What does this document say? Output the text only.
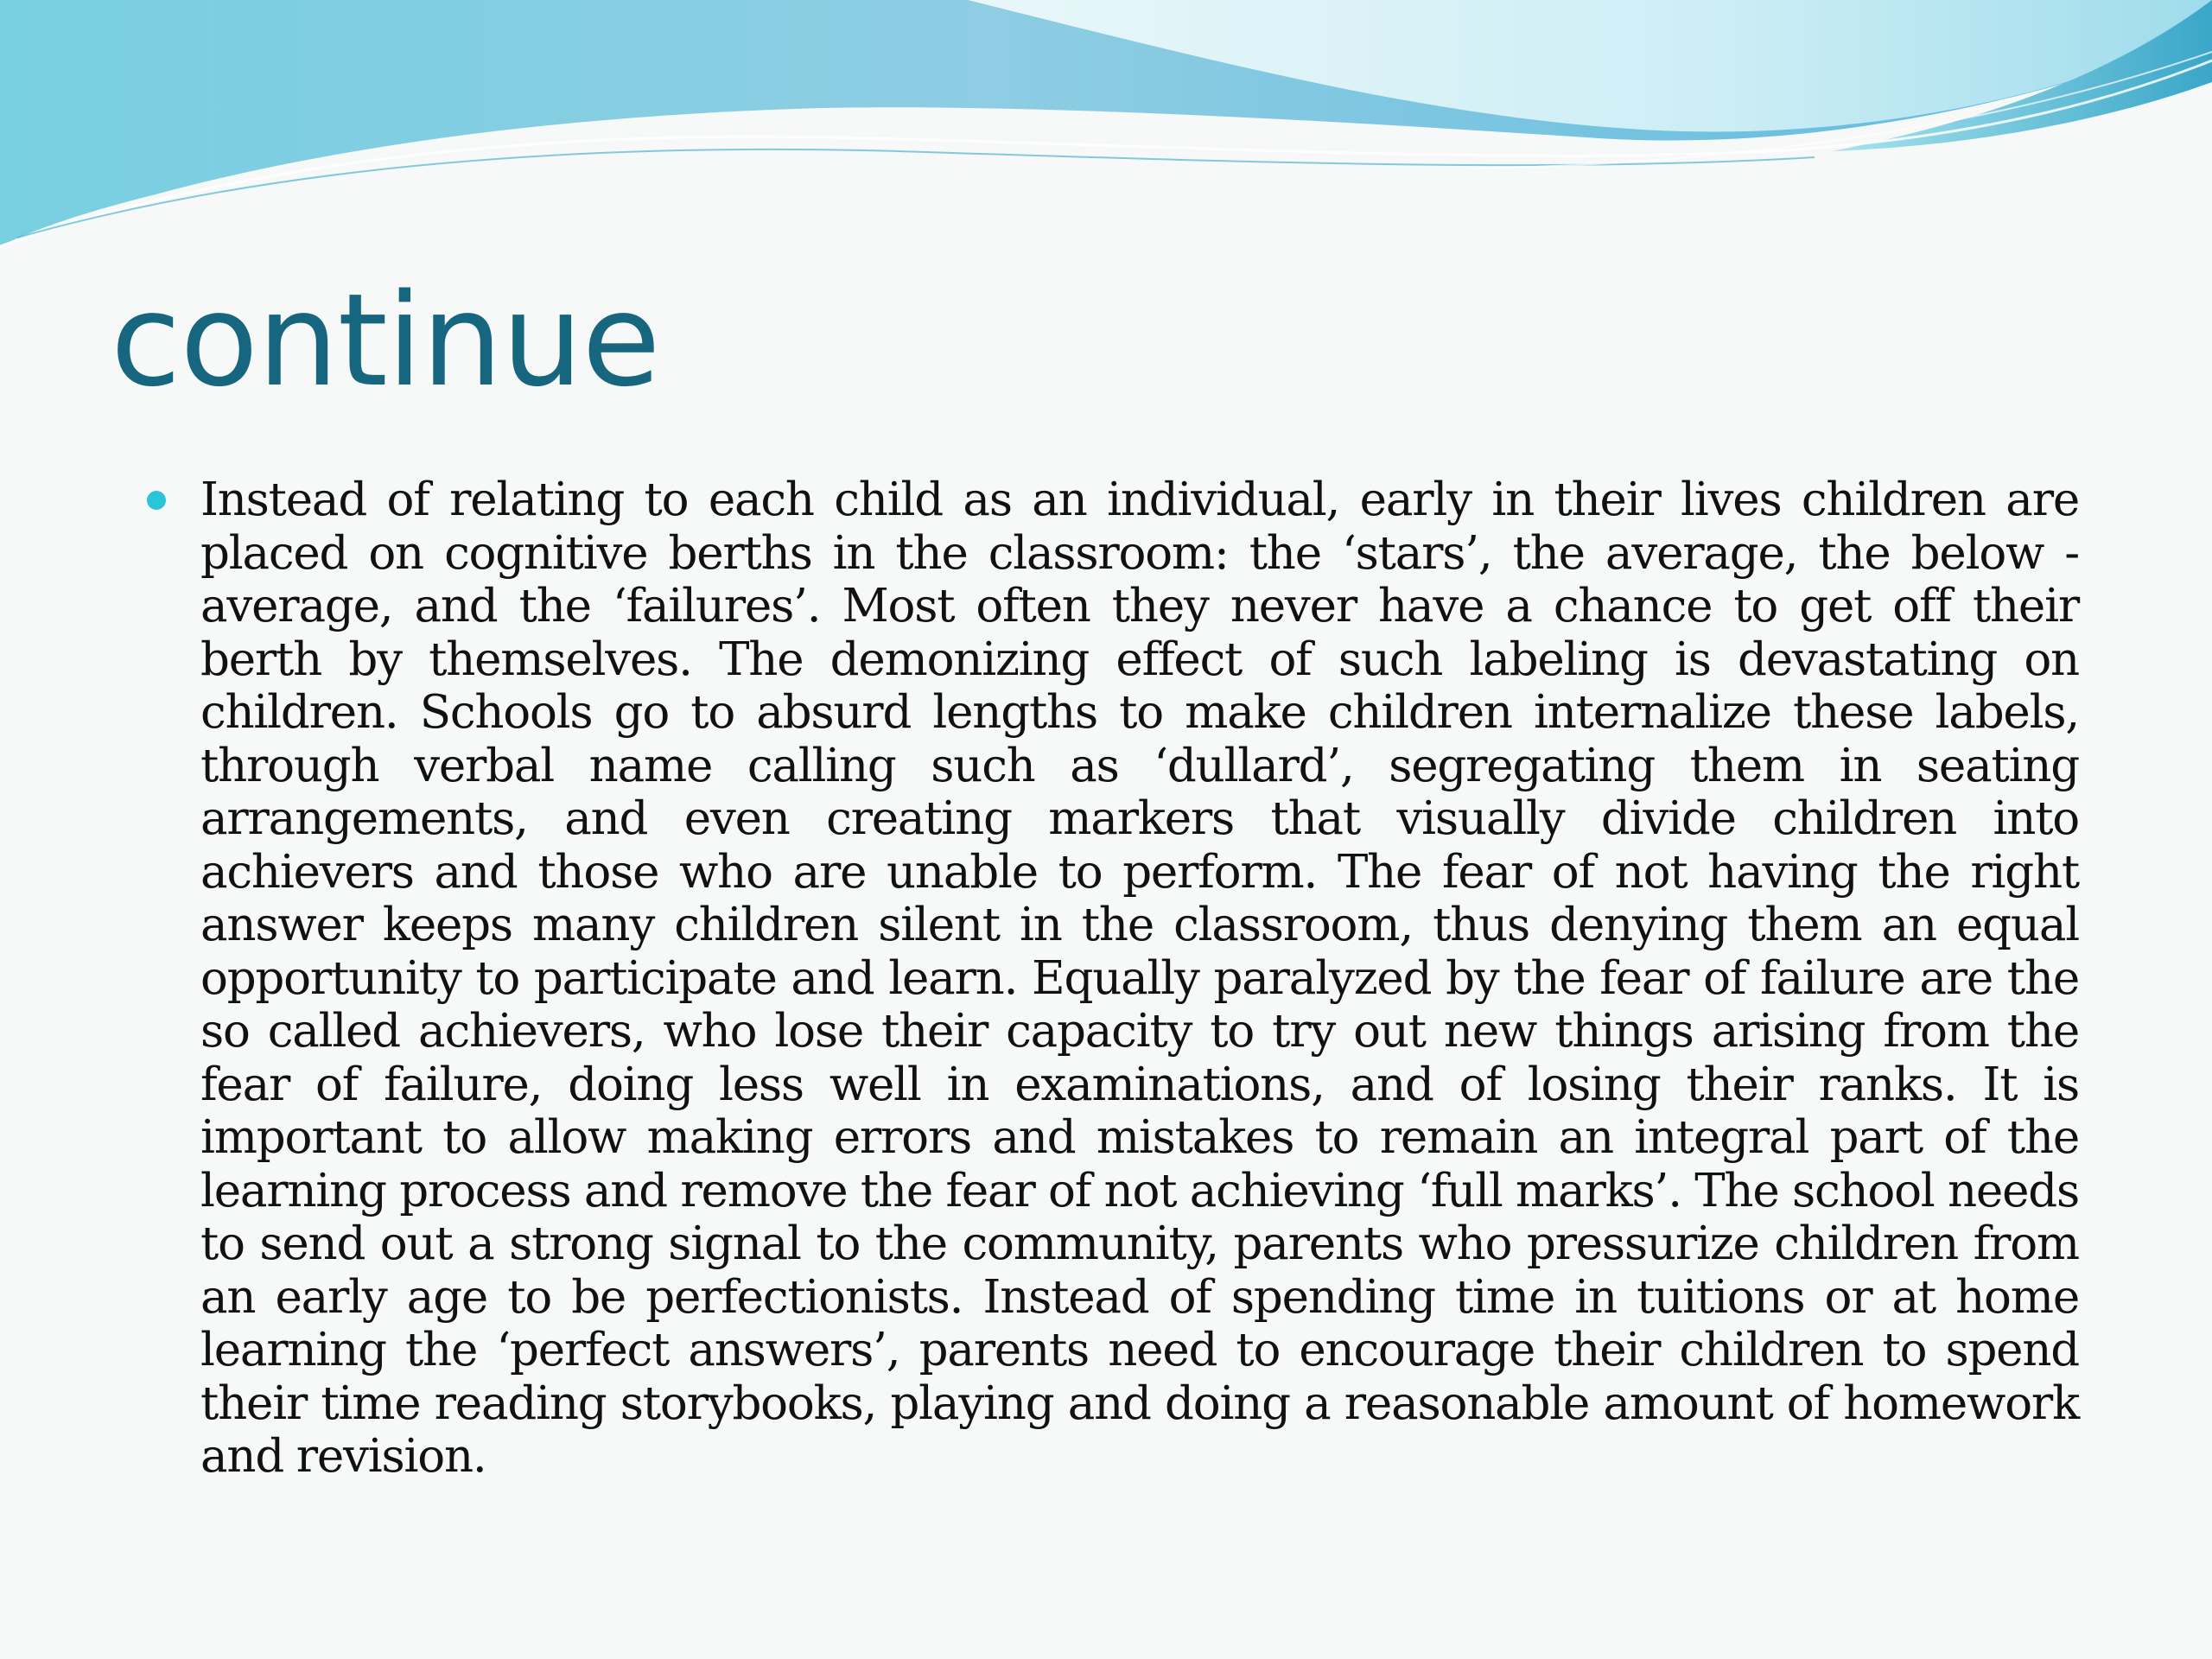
continue
Instead of relating to each child as an individual, early in their lives children are placed on cognitive berths in the classroom: the ‘stars’, the average, the below -average, and the ‘failures’. Most often they never have a chance to get off their berth by themselves. The demonizing effect of such labeling is devastating on children. Schools go to absurd lengths to make children internalize these labels, through verbal name calling such as ‘dullard’, segregating them in seating arrangements, and even creating markers that visually divide children into achievers and those who are unable to perform. The fear of not having the right answer keeps many children silent in the classroom, thus denying them an equal opportunity to participate and learn. Equally paralyzed by the fear of failure are the so called achievers, who lose their capacity to try out new things arising from the fear of failure, doing less well in examinations, and of losing their ranks. It is important to allow making errors and mistakes to remain an integral part of the learning process and remove the fear of not achieving ‘full marks’. The school needs to send out a strong signal to the community, parents who pressurize children from an early age to be perfectionists. Instead of spending time in tuitions or at home learning the ‘perfect answers’, parents need to encourage their children to spend their time reading storybooks, playing and doing a reasonable amount of homework and revision.
